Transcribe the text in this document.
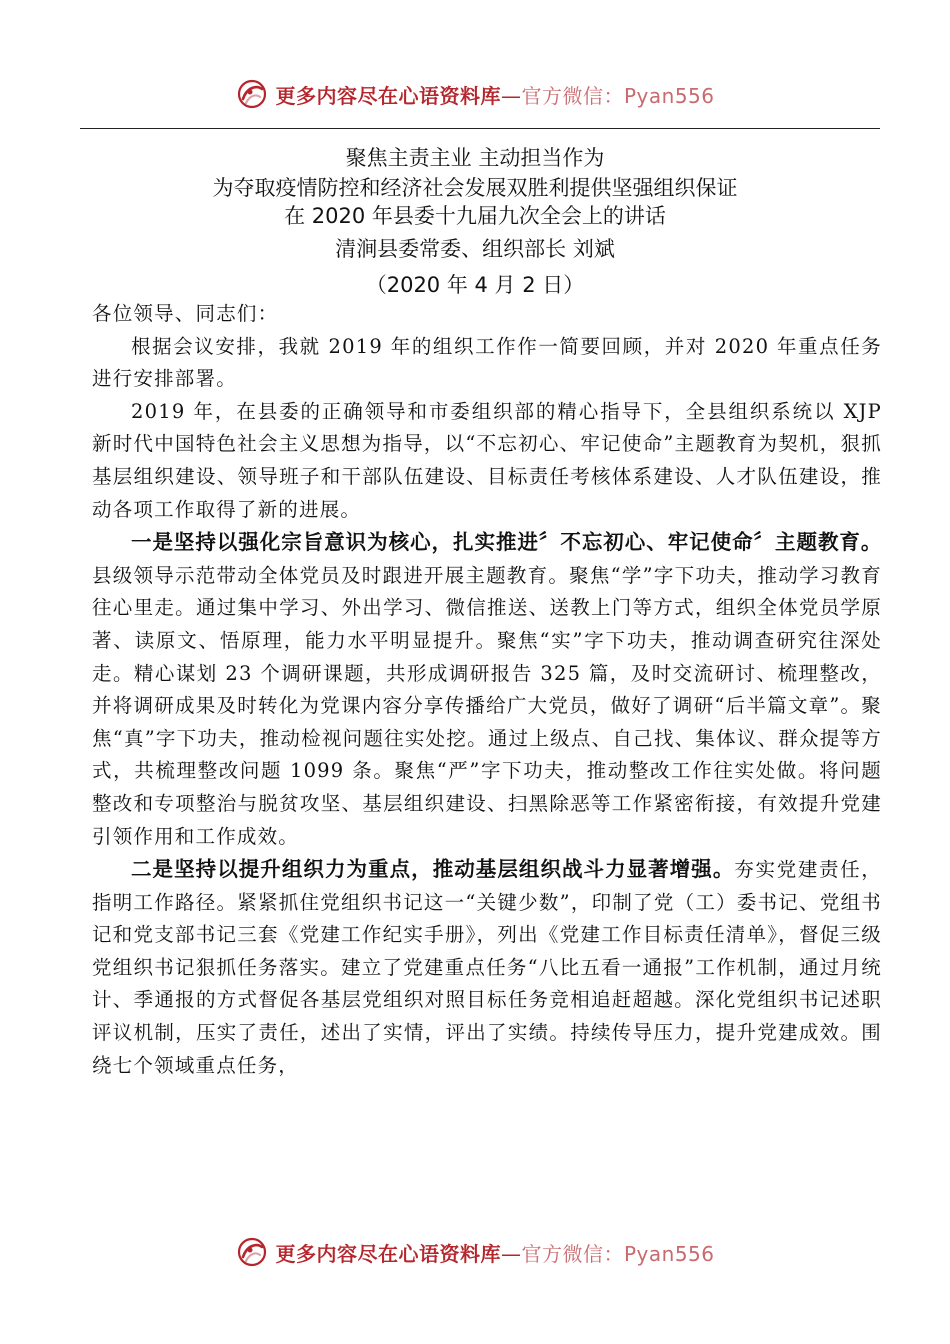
更多内容尽在心语资料库—官方微信：Pyan556
聚焦主责主业 主动担当作为
为夺取疫情防控和经济社会发展双胜利提供坚强组织保证
在 2020 年县委十九届九次全会上的讲话
清涧县委常委、组织部长 刘斌
（2020 年 4 月 2 日）

各位领导、同志们：

根据会议安排，我就 2019 年的组织工作作一简要回顾，并对 2020 年重点任务进行安排部署。

2019 年，在县委的正确领导和市委组织部的精心指导下，全县组织系统以 XJP 新时代中国特色社会主义思想为指导，以“不忘初心、牢记使命”主题教育为契机，狠抓基层组织建设、领导班子和干部队伍建设、目标责任考核体系建设、人才队伍建设，推动各项工作取得了新的进展。

一是坚持以强化宗旨意识为核心，扎实推进〞不忘初心、牢记使命〞主题教育。县级领导示范带动全体党员及时跟进开展主题教育。聚焦“学”字下功夫，推动学习教育往心里走。通过集中学习、外出学习、微信推送、送教上门等方式，组织全体党员学原著、读原文、悟原理，能力水平明显提升。聚焦“实”字下功夫，推动调查研究往深处走。精心谋划 23 个调研课题，共形成调研报告 325 篇，及时交流研讨、梳理整改，并将调研成果及时转化为党课内容分享传播给广大党员，做好了调研“后半篇文章”。聚焦“真”字下功夫，推动检视问题往实处挖。通过上级点、自己找、集体议、群众提等方式，共梳理整改问题 1099 条。聚焦“严”字下功夫，推动整改工作往实处做。将问题整改和专项整治与脱贫攻坚、基层组织建设、扫黑除恶等工作紧密衔接，有效提升党建引领作用和工作成效。

二是坚持以提升组织力为重点，推动基层组织战斗力显著增强。夯实党建责任，指明工作路径。紧紧抓住党组织书记这一“关键少数”，印制了党（工）委书记、党组书记和党支部书记三套《党建工作纪实手册》，列出《党建工作目标责任清单》，督促三级党组织书记狠抓任务落实。建立了党建重点任务“八比五看一通报”工作机制，通过月统计、季通报的方式督促各基层党组织对照目标任务竞相追赶超越。深化党组织书记述职评议机制，压实了责任，述出了实情，评出了实绩。持续传导压力，提升党建成效。围绕七个领域重点任务，

更多内容尽在心语资料库—官方微信：Pyan556
